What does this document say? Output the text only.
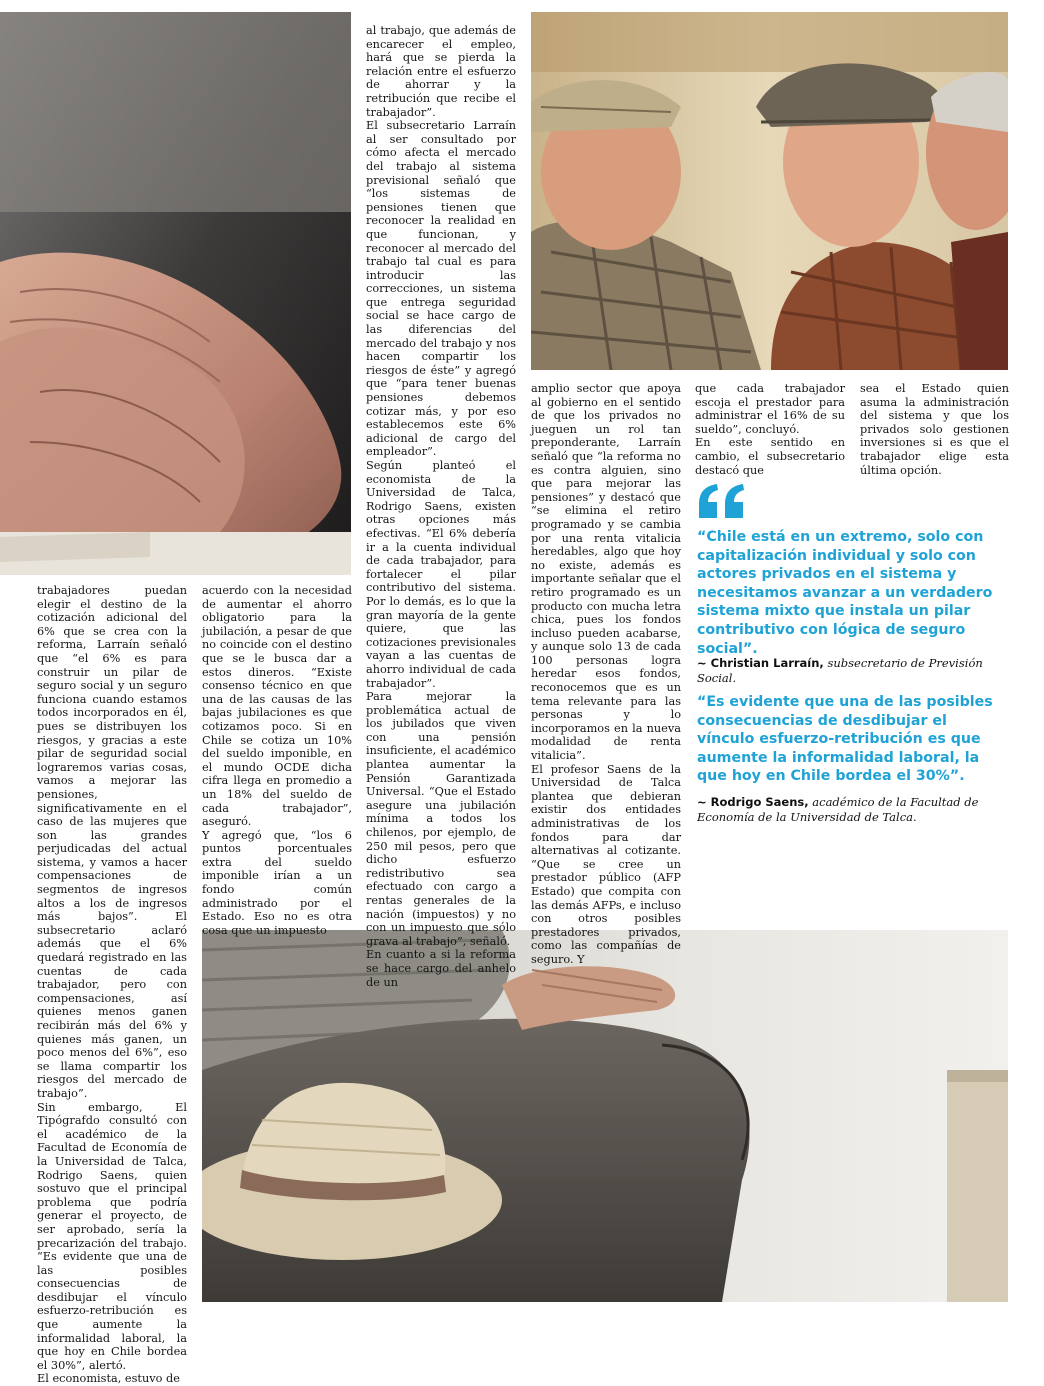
trabajadores puedan elegir el destino de la cotización adicional del 6% que se crea con la reforma, Larraín señaló que “el 6% es para construir un pilar de seguro social y un seguro funciona cuando estamos todos incorporados en él, pues se distribuyen los riesgos, y gracias a este pilar de seguridad social lograremos varias cosas, vamos a mejorar las pensiones, significativamente en el caso de las mujeres que son las grandes perjudicadas del actual sistema, y vamos a hacer compensaciones de segmentos de ingresos altos a los de ingresos más bajos”. El subsecretario aclaró además que el 6% quedará registrado en las cuentas de cada trabajador, pero con compensaciones, así quienes menos ganen recibirán más del 6% y quienes más ganen, un poco menos del 6%”, eso se llama compartir los riesgos del mercado de trabajo”.

Sin embargo, El Tipógrafdo consultó con el académico de la Facultad de Economía de la Universidad de Talca, Rodrigo Saens, quien sostuvo que el principal problema que podría generar el proyecto, de ser aprobado, sería la precarización del trabajo. “Es evidente que una de las posibles consecuencias de desdibujar el vínculo esfuerzo-retribución es que aumente la informalidad laboral, la que hoy en Chile bordea el 30%”, alertó.

El economista, estuvo de

acuerdo con la necesidad de aumentar el ahorro obligatorio para la jubilación, a pesar de que no coincide con el destino que se le busca dar a estos dineros. “Existe consenso técnico en que una de las causas de las bajas jubilaciones es que cotizamos poco. Si en Chile se cotiza un 10% del sueldo imponible, en el mundo OCDE dicha cifra llega en promedio a un 18% del sueldo de cada trabajador”, aseguró.

Y agregó que, “los 6 puntos porcentuales extra del sueldo imponible irían a un fondo común administrado por el Estado. Eso no es otra cosa que un impuesto

al trabajo, que además de encarecer el empleo, hará que se pierda la relación entre el esfuerzo de ahorrar y la retribución que recibe el trabajador”.

El subsecretario Larraín al ser consultado por cómo afecta el mercado del trabajo al sistema previsional señaló que “los sistemas de pensiones tienen que reconocer la realidad en que funcionan, y reconocer al mercado del trabajo tal cual es para introducir las correcciones, un sistema que entrega seguridad social se hace cargo de las diferencias del mercado del trabajo y nos hacen compartir los riesgos de éste” y agregó que “para tener buenas pensiones debemos cotizar más, y por eso establecemos este 6% adicional de cargo del empleador”.

Según planteó el economista de la Universidad de Talca, Rodrigo Saens, existen otras opciones más efectivas. “El 6% debería ir a la cuenta individual de cada trabajador, para fortalecer el pilar contributivo del sistema. Por lo demás, es lo que la gran mayoría de la gente quiere, que las cotizaciones previsionales vayan a las cuentas de ahorro individual de cada trabajador”.

Para mejorar la problemática actual de los jubilados que viven con una pensión insuficiente, el académico plantea aumentar la Pensión Garantizada Universal. “Que el Estado asegure una jubilación mínima a todos los chilenos, por ejemplo, de 250 mil pesos, pero que dicho esfuerzo redistributivo sea efectuado con cargo a rentas generales de la nación (impuestos) y no con un impuesto que sólo grava al trabajo”, señaló.

En cuanto a si la reforma se hace cargo del anhelo de un

amplio sector que apoya al gobierno en el sentido de que los privados no jueguen un rol tan preponderante, Larraín señaló que “la reforma no es contra alguien, sino que para mejorar las pensiones” y destacó que “se elimina el retiro programado y se cambia por una renta vitalicia heredables, algo que hoy no existe, además es importante señalar que el retiro programado es un producto con mucha letra chica, pues los fondos incluso pueden acabarse, y aunque solo 13 de cada 100 personas logra heredar esos fondos, reconocemos que es un tema relevante para las personas y lo incorporamos en la nueva modalidad de renta vitalicia”.

El profesor Saens de la Universidad de Talca plantea que debieran existir dos entidades administrativas de los fondos para dar alternativas al cotizante. “Que se cree un prestador público (AFP Estado) que compita con las demás AFPs, e incluso con otros posibles prestadores privados, como las compañías de seguro. Y

que cada trabajador escoja el prestador para administrar el 16% de su sueldo”, concluyó.

En este sentido en cambio, el subsecretario destacó que

sea el Estado quien asuma la administración del sistema y que los privados solo gestionen inversiones si es que el trabajador elige esta última opción.

“Chile está en un extremo, solo con capitalización individual y solo con actores privados en el sistema y necesitamos avanzar a un verdadero sistema mixto que instala un pilar contributivo con lógica de seguro social”.
~ Christian Larraín, subsecretario de Previsión Social.
“Es evidente que una de las posibles consecuencias de desdibujar el vínculo esfuerzo-retribución es que aumente la informalidad laboral, la que hoy en Chile bordea el 30%”.
~ Rodrigo Saens, académico de la Facultad de Economía de la Universidad de Talca.
